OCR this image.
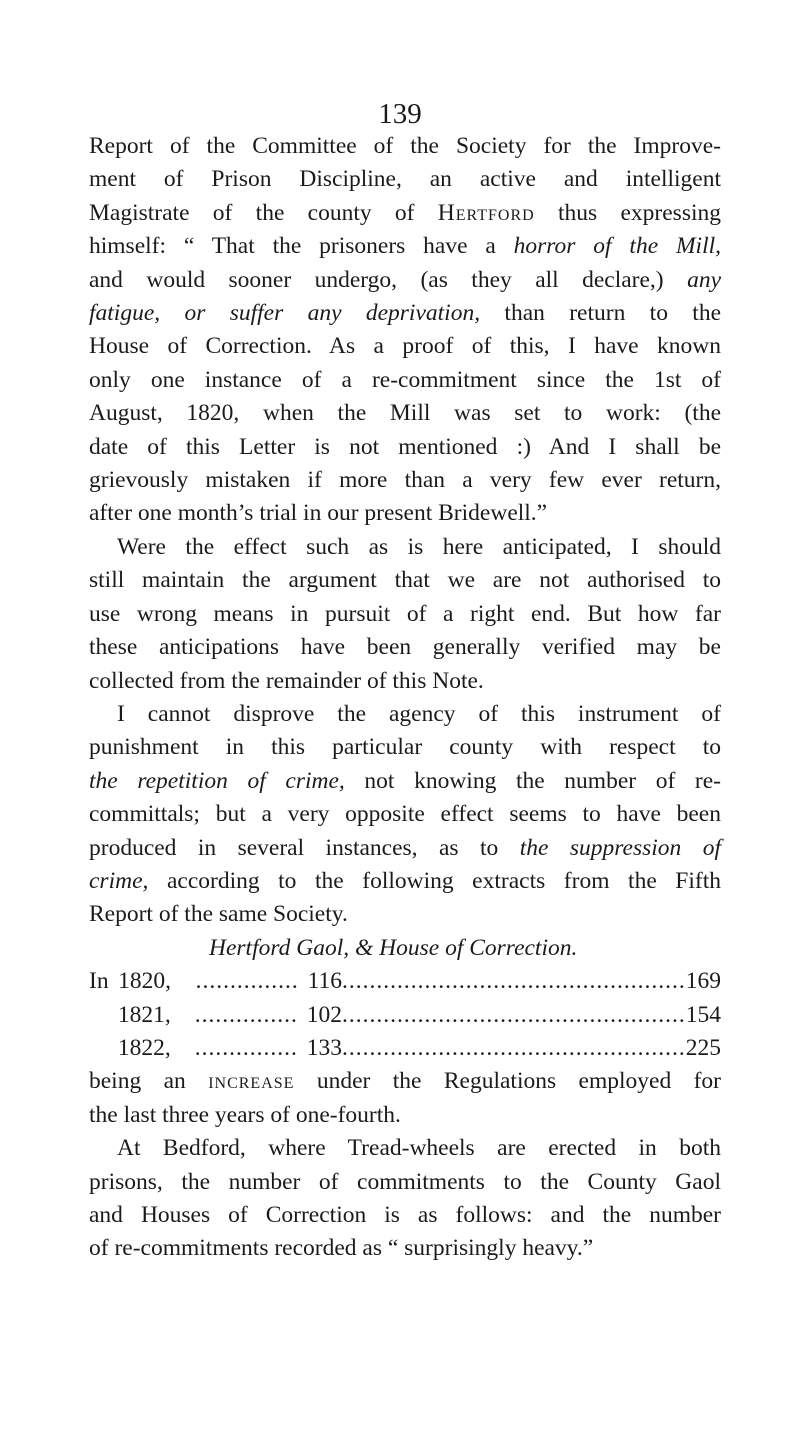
139
Report of the Committee of the Society for the Improve-
ment of Prison Discipline, an active and intelligent
Magistrate of the county of Hertford thus expressing
himself: “ That the prisoners have a horror of the Mill,
and would sooner undergo, (as they all declare,) any
fatigue, or suffer any deprivation, than return to the
House of Correction. As a proof of this, I have known
only one instance of a re-commitment since the 1st of
August, 1820, when the Mill was set to work: (the
date of this Letter is not mentioned :) And I shall be
grievously mistaken if more than a very few ever return,
after one month’s trial in our present Bridewell.”
Were the effect such as is here anticipated, I should
still maintain the argument that we are not authorised to
use wrong means in pursuit of a right end. But how far
these anticipations have been generally verified may be
collected from the remainder of this Note.
I cannot disprove the agency of this instrument of
punishment in this particular county with respect to
the repetition of crime, not knowing the number of re-
committals; but a very opposite effect seems to have been
produced in several instances, as to the suppression of
crime, according to the following extracts from the Fifth
Report of the same Society.
Hertford Gaol, & House of Correction.
In 1820,	............... 116 .................................................. 169
1821,	............... 102 .................................................. 154
1822,	............... 133 .................................................. 225
being an increase under the Regulations employed for
the last three years of one-fourth.
At Bedford, where Tread-wheels are erected in both
prisons, the number of commitments to the County Gaol
and Houses of Correction is as follows: and the number
of re-commitments recorded as “ surprisingly heavy.”
